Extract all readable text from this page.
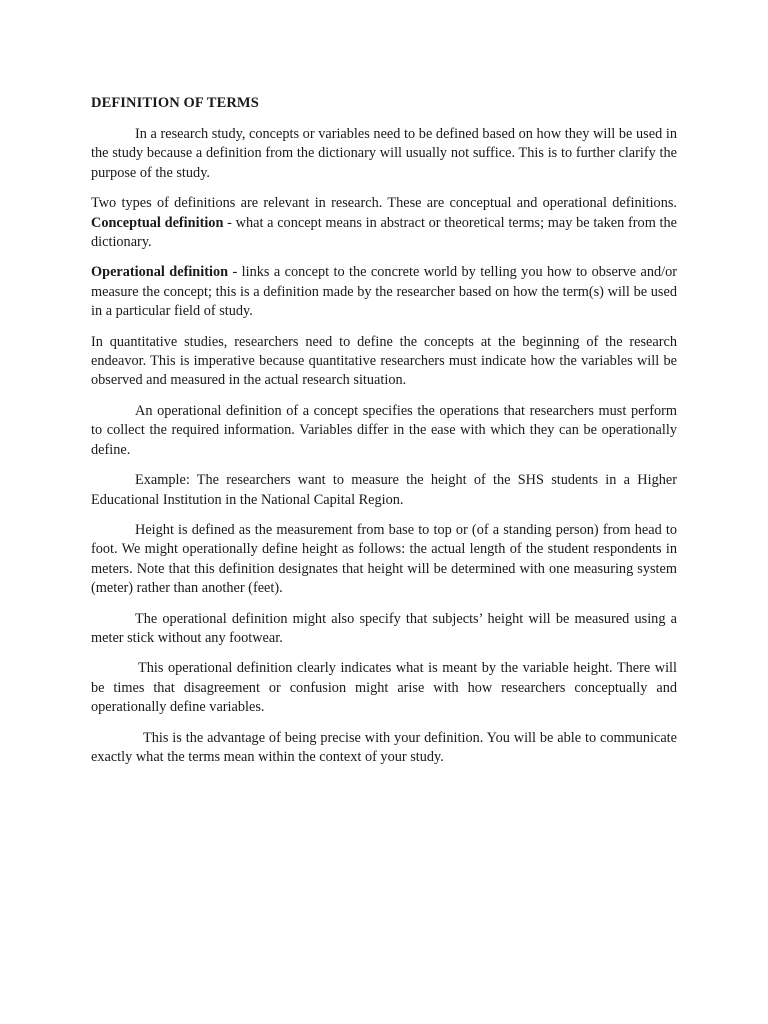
DEFINITION OF TERMS

In a research study, concepts or variables need to be defined based on how they will be used in the study because a definition from the dictionary will usually not suffice. This is to further clarify the purpose of the study.

Two types of definitions are relevant in research. These are conceptual and operational definitions. Conceptual definition - what a concept means in abstract or theoretical terms; may be taken from the dictionary.

Operational definition - links a concept to the concrete world by telling you how to observe and/or measure the concept; this is a definition made by the researcher based on how the term(s) will be used in a particular field of study.

In quantitative studies, researchers need to define the concepts at the beginning of the research endeavor. This is imperative because quantitative researchers must indicate how the variables will be observed and measured in the actual research situation.

An operational definition of a concept specifies the operations that researchers must perform to collect the required information. Variables differ in the ease with which they can be operationally define.

Example: The researchers want to measure the height of the SHS students in a Higher Educational Institution in the National Capital Region.

Height is defined as the measurement from base to top or (of a standing person) from head to foot. We might operationally define height as follows: the actual length of the student respondents in meters. Note that this definition designates that height will be determined with one measuring system (meter) rather than another (feet).

The operational definition might also specify that subjects’ height will be measured using a meter stick without any footwear.

This operational definition clearly indicates what is meant by the variable height. There will be times that disagreement or confusion might arise with how researchers conceptually and operationally define variables.

This is the advantage of being precise with your definition. You will be able to communicate exactly what the terms mean within the context of your study.
